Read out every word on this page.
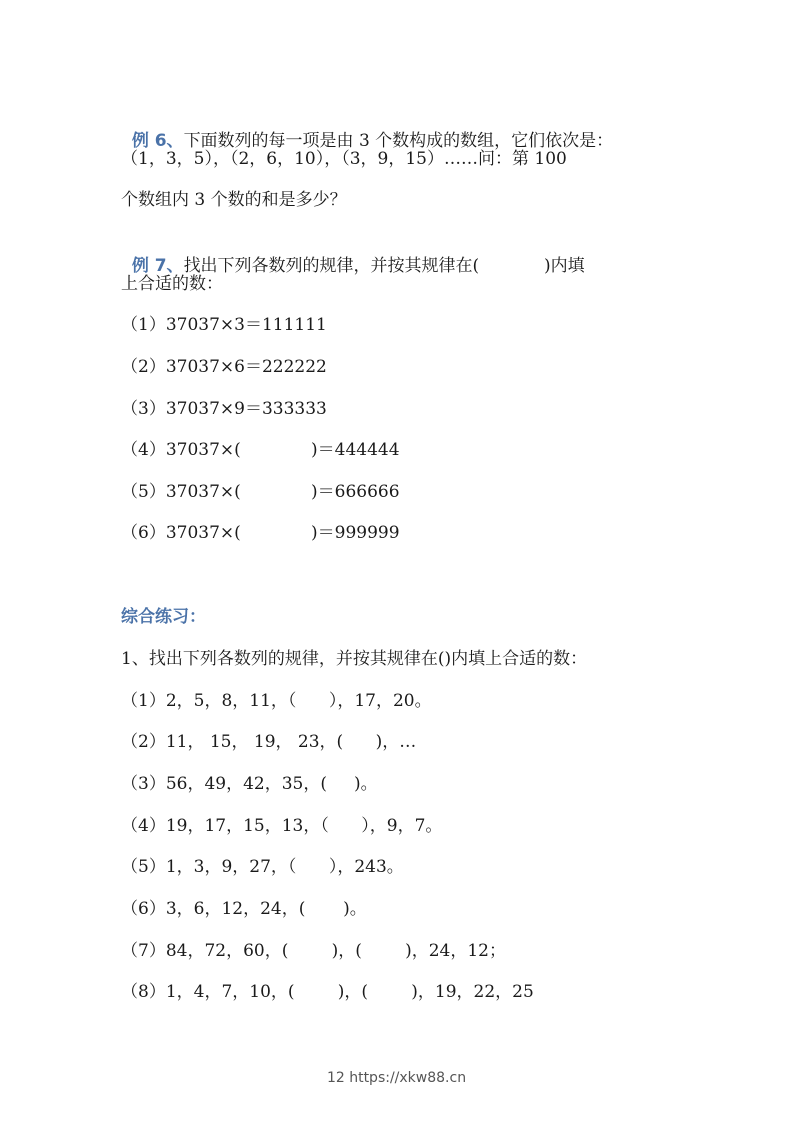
例 6、下面数列的每一项是由 3 个数构成的数组，它们依次是：

（1，3，5），（2，6，10），（3，9，15）……问：第 100
个数组内 3 个数的和是多少？

例 7、找出下列各数列的规律，并按其规律在(            )内填

上合适的数：
（1）37037×3＝111111
（2）37037×6＝222222
（3）37037×9＝333333
（4）37037×(             )＝444444
（5）37037×(             )＝666666
（6）37037×(             )＝999999
综合练习：
1、找出下列各数列的规律，并按其规律在()内填上合适的数：
（1）2，5，8，11，（      ），17，20。
（2）11， 15， 19， 23，(      )，…
（3）56，49，42，35，(     )。
（4）19，17，15，13，（      ），9，7。
（5）1，3，9，27，（      ），243。
（6）3，6，12，24，(       )。
（7）84，72，60，(        )，(        )，24，12；
（8）1，4，7，10，(        )，(        )，19，22，25
12 https://xkw88.cn
